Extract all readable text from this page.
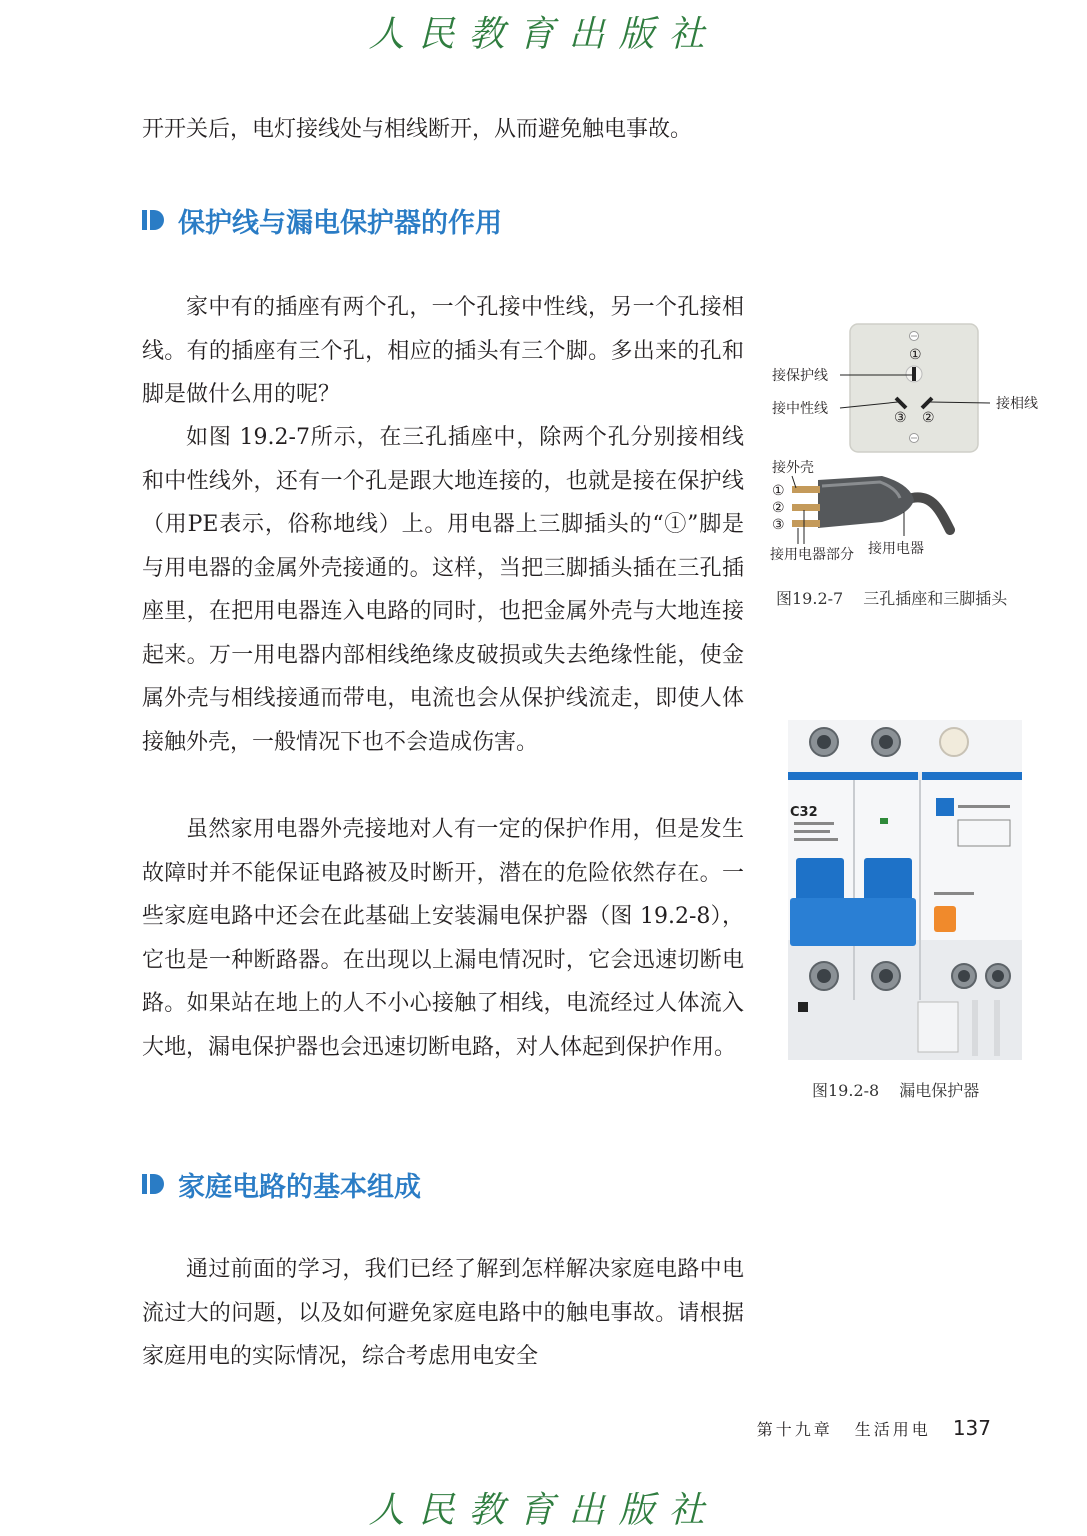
人民教育出版社

开开关后，电灯接线处与相线断开，从而避免触电事故。

保护线与漏电保护器的作用

家中有的插座有两个孔，一个孔接中性线，另一个孔接相线。有的插座有三个孔，相应的插头有三个脚。多出来的孔和脚是做什么用的呢？

如图 19.2-7所示，在三孔插座中，除两个孔分别接相线和中性线外，还有一个孔是跟大地连接的，也就是接在保护线（用PE表示，俗称地线）上。用电器上三脚插头的“①”脚是与用电器的金属外壳接通的。这样，当把三脚插头插在三孔插座里，在把用电器连入电路的同时，也把金属外壳与大地连接起来。万一用电器内部相线绝缘皮破损或失去绝缘性能，使金属外壳与相线接通而带电，电流也会从保护线流走，即使人体接触外壳，一般情况下也不会造成伤害。

虽然家用电器外壳接地对人有一定的保护作用，但是发生故障时并不能保证电路被及时断开，潜在的危险依然存在。一些家庭电路中还会在此基础上安装漏电保护器（图 19.2-8），它也是一种断路器。在出现以上漏电情况时，它会迅速切断电路。如果站在地上的人不小心接触了相线，电流经过人体流入大地，漏电保护器也会迅速切断电路，对人体起到保护作用。

家庭电路的基本组成

通过前面的学习，我们已经了解到怎样解决家庭电路中电流过大的问题，以及如何避免家庭电路中的触电事故。请根据家庭用电的实际情况，综合考虑用电安全

①
③ ②
接保护线
接中性线	接相线
接外壳
①
②
③
接用电器部分 接用电器
图19.2-7 三孔插座和三脚插头
C32
图19.2-8 漏电保护器
第十九章 生活用电 137
人民教育出版社
